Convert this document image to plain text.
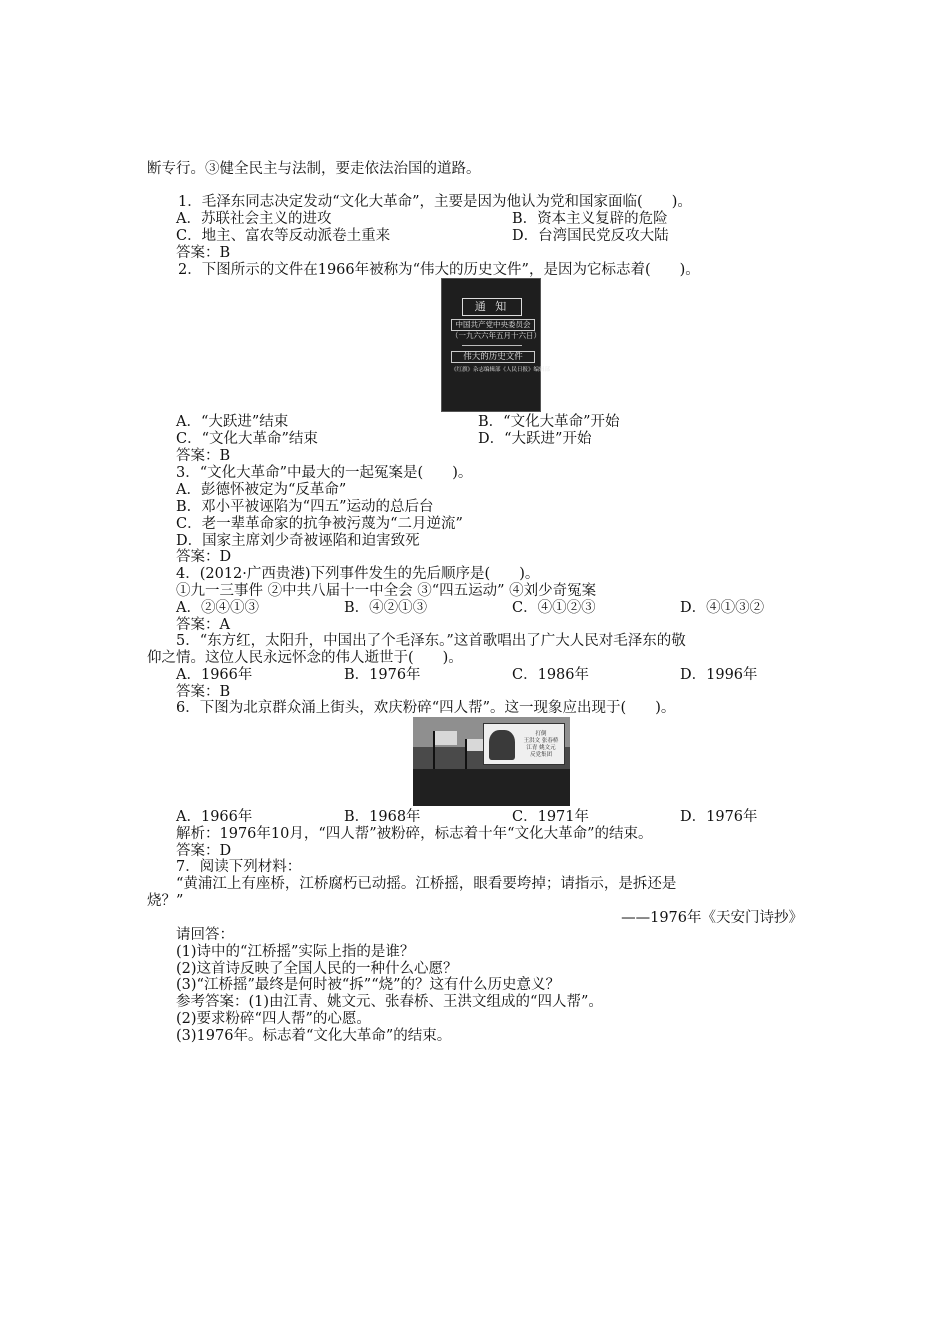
断专行。③健全民主与法制，要走依法治国的道路。
1．毛泽东同志决定发动“文化大革命”，主要是因为他认为党和国家面临(　　)。
A．苏联社会主义的进攻	B．资本主义复辟的危险
C．地主、富农等反动派卷土重来	D．台湾国民党反攻大陆
答案：B
2．下图所示的文件在1966年被称为“伟大的历史文件”，是因为它标志着(　　)。
通 知
中国共产党中央委员会
（一九六六年五月十六日）
伟大的历史文件
《红旗》杂志编辑部《人民日报》编辑部
A．“大跃进”结束	B．“文化大革命”开始
C．“文化大革命”结束	D．“大跃进”开始
答案：B
3．“文化大革命”中最大的一起冤案是(　　)。
A．彭德怀被定为“反革命”
B．邓小平被诬陷为“四五”运动的总后台
C．老一辈革命家的抗争被污蔑为“二月逆流”
D．国家主席刘少奇被诬陷和迫害致死
答案：D
4．(2012·广西贵港)下列事件发生的先后顺序是(　　)。
①九一三事件 ②中共八届十一中全会 ③“四五运动” ④刘少奇冤案
A．②④①③	B．④②①③	C．④①②③	D．④①③②
答案：A
5．“东方红，太阳升，中国出了个毛泽东。”这首歌唱出了广大人民对毛泽东的敬
仰之情。这位人民永远怀念的伟人逝世于(　　)。
A．1966年	B．1976年	C．1986年	D．1996年
答案：B
6．下图为北京群众涌上街头，欢庆粉碎“四人帮”。这一现象应出现于(　　)。
打倒
王洪文 张春桥
江青 姚文元
反党集团
A．1966年	B．1968年	C．1971年	D．1976年
解析：1976年10月，“四人帮”被粉碎，标志着十年“文化大革命”的结束。
答案：D
7．阅读下列材料：
“黄浦江上有座桥，江桥腐朽已动摇。江桥摇，眼看要垮掉；请指示，是拆还是
烧？”
——1976年《天安门诗抄》
请回答：
(1)诗中的“江桥摇”实际上指的是谁？
(2)这首诗反映了全国人民的一种什么心愿？
(3)“江桥摇”最终是何时被“拆”“烧”的？这有什么历史意义？
参考答案：(1)由江青、姚文元、张春桥、王洪文组成的“四人帮”。
(2)要求粉碎“四人帮”的心愿。
(3)1976年。标志着“文化大革命”的结束。
